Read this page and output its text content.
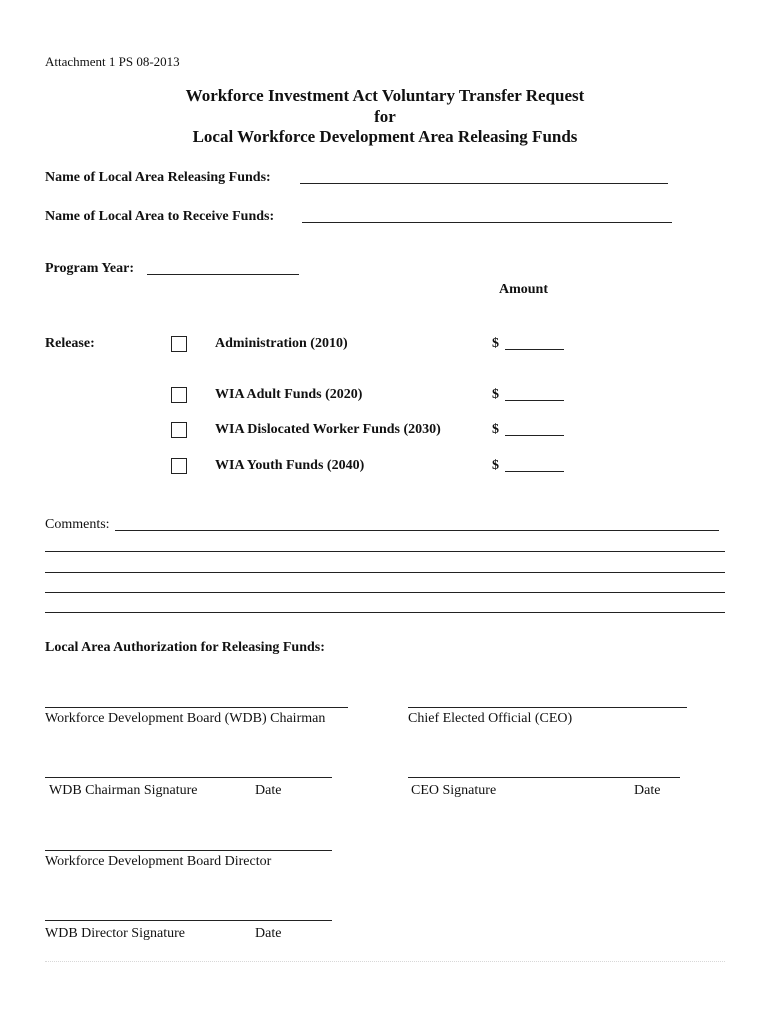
Attachment 1 PS 08-2013
Workforce Investment Act Voluntary Transfer Request
for
Local Workforce Development Area Releasing Funds
Name of Local Area Releasing Funds:
Name of Local Area to Receive Funds:
Program Year:
Amount
Release:	Administration (2010)	$
WIA Adult Funds (2020)	$
WIA Dislocated Worker Funds (2030)	$
WIA Youth Funds (2040)	$
Comments:
Local Area Authorization for Releasing Funds:
Workforce Development Board (WDB) Chairman	Chief Elected Official (CEO)
WDB Chairman Signature	Date	CEO Signature	Date
Workforce Development Board Director
WDB Director Signature	Date
